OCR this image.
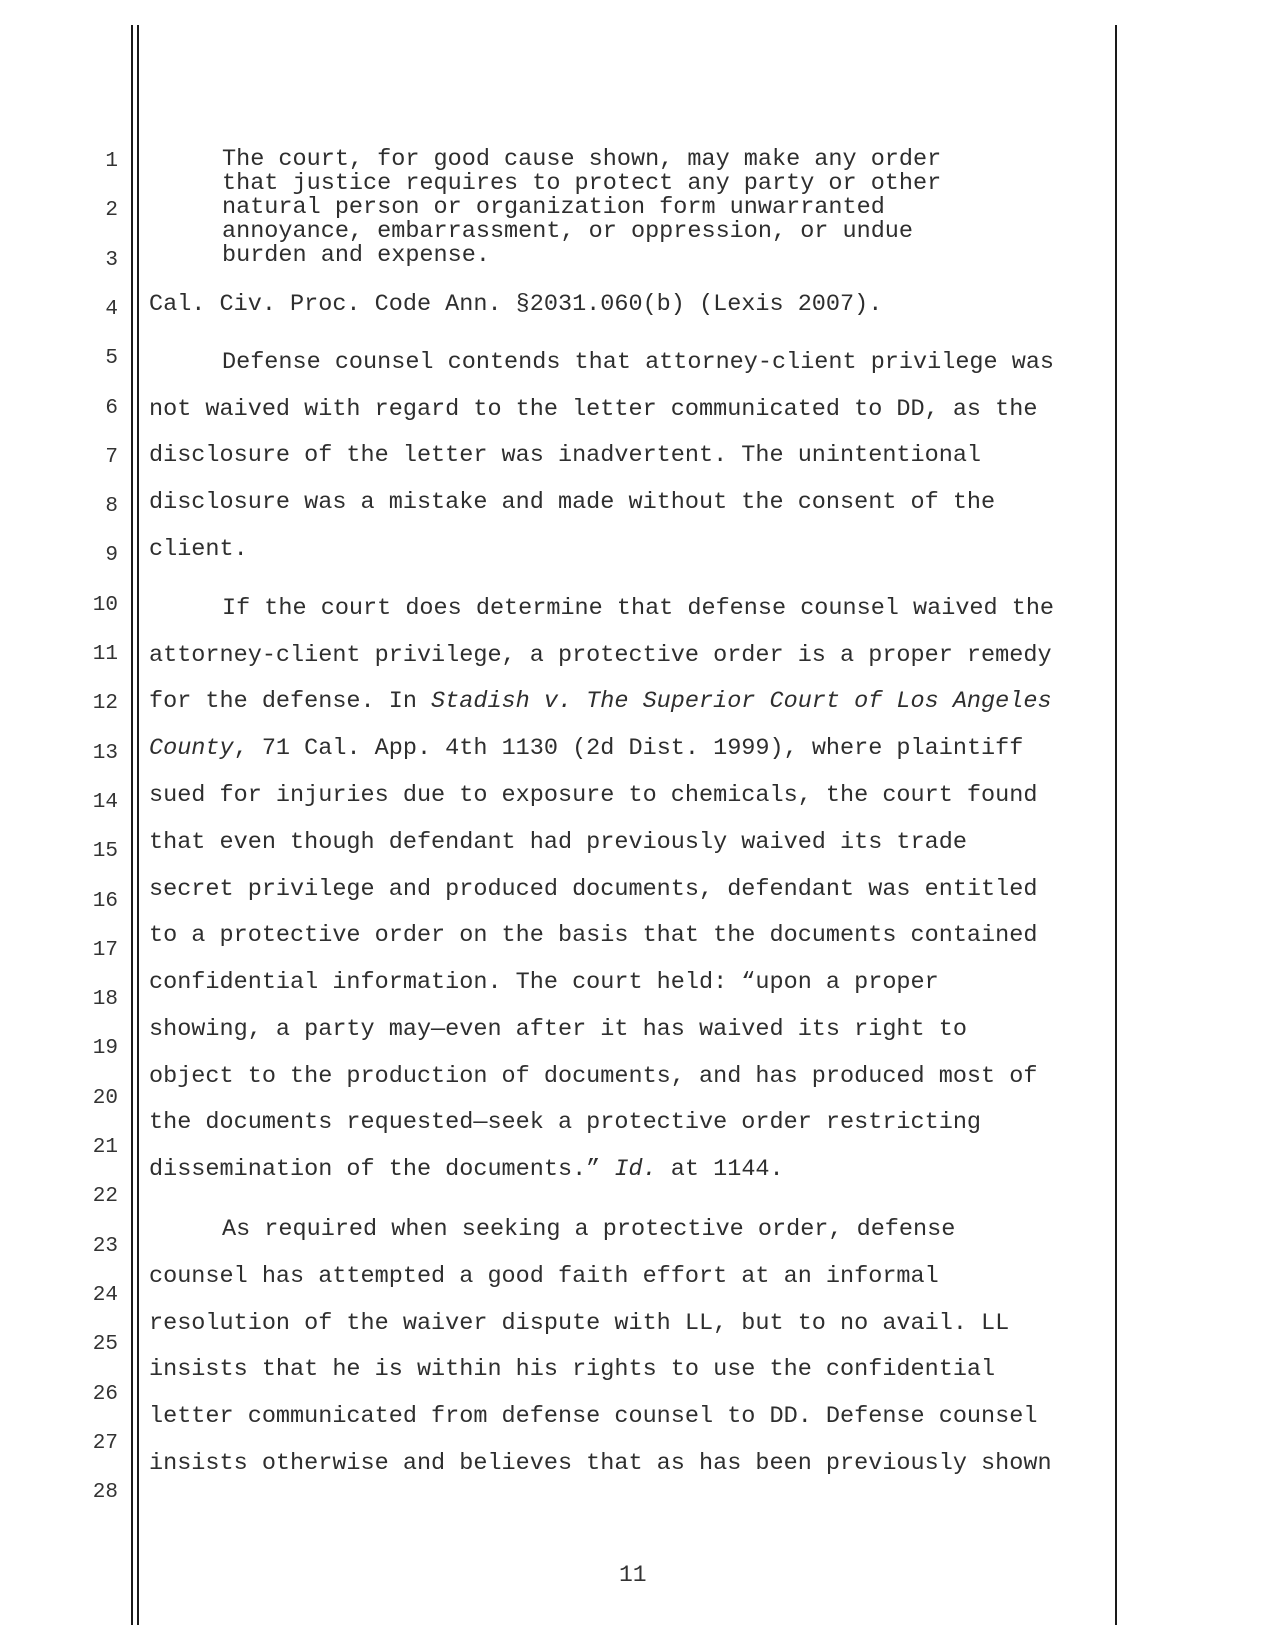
1
2
3
4
5
6
7
8
9
10
11
12
13
14
15
16
17
18
19
20
21
22
23
24
25
26
27
28
The court, for good cause shown, may make any order
that justice requires to protect any party or other
natural person or organization form unwarranted
annoyance, embarrassment, or oppression, or undue
burden and expense.
Cal. Civ. Proc. Code Ann. §2031.060(b) (Lexis 2007).
Defense counsel contends that attorney-client privilege was
not waived with regard to the letter communicated to DD, as the
disclosure of the letter was inadvertent. The unintentional
disclosure was a mistake and made without the consent of the
client.
If the court does determine that defense counsel waived the
attorney-client privilege, a protective order is a proper remedy
for the defense. In Stadish v. The Superior Court of Los Angeles
County, 71 Cal. App. 4th 1130 (2d Dist. 1999), where plaintiff
sued for injuries due to exposure to chemicals, the court found
that even though defendant had previously waived its trade
secret privilege and produced documents, defendant was entitled
to a protective order on the basis that the documents contained
confidential information. The court held: “upon a proper
showing, a party may—even after it has waived its right to
object to the production of documents, and has produced most of
the documents requested—seek a protective order restricting
dissemination of the documents.” Id. at 1144.
As required when seeking a protective order, defense
counsel has attempted a good faith effort at an informal
resolution of the waiver dispute with LL, but to no avail. LL
insists that he is within his rights to use the confidential
letter communicated from defense counsel to DD. Defense counsel
insists otherwise and believes that as has been previously shown
11
